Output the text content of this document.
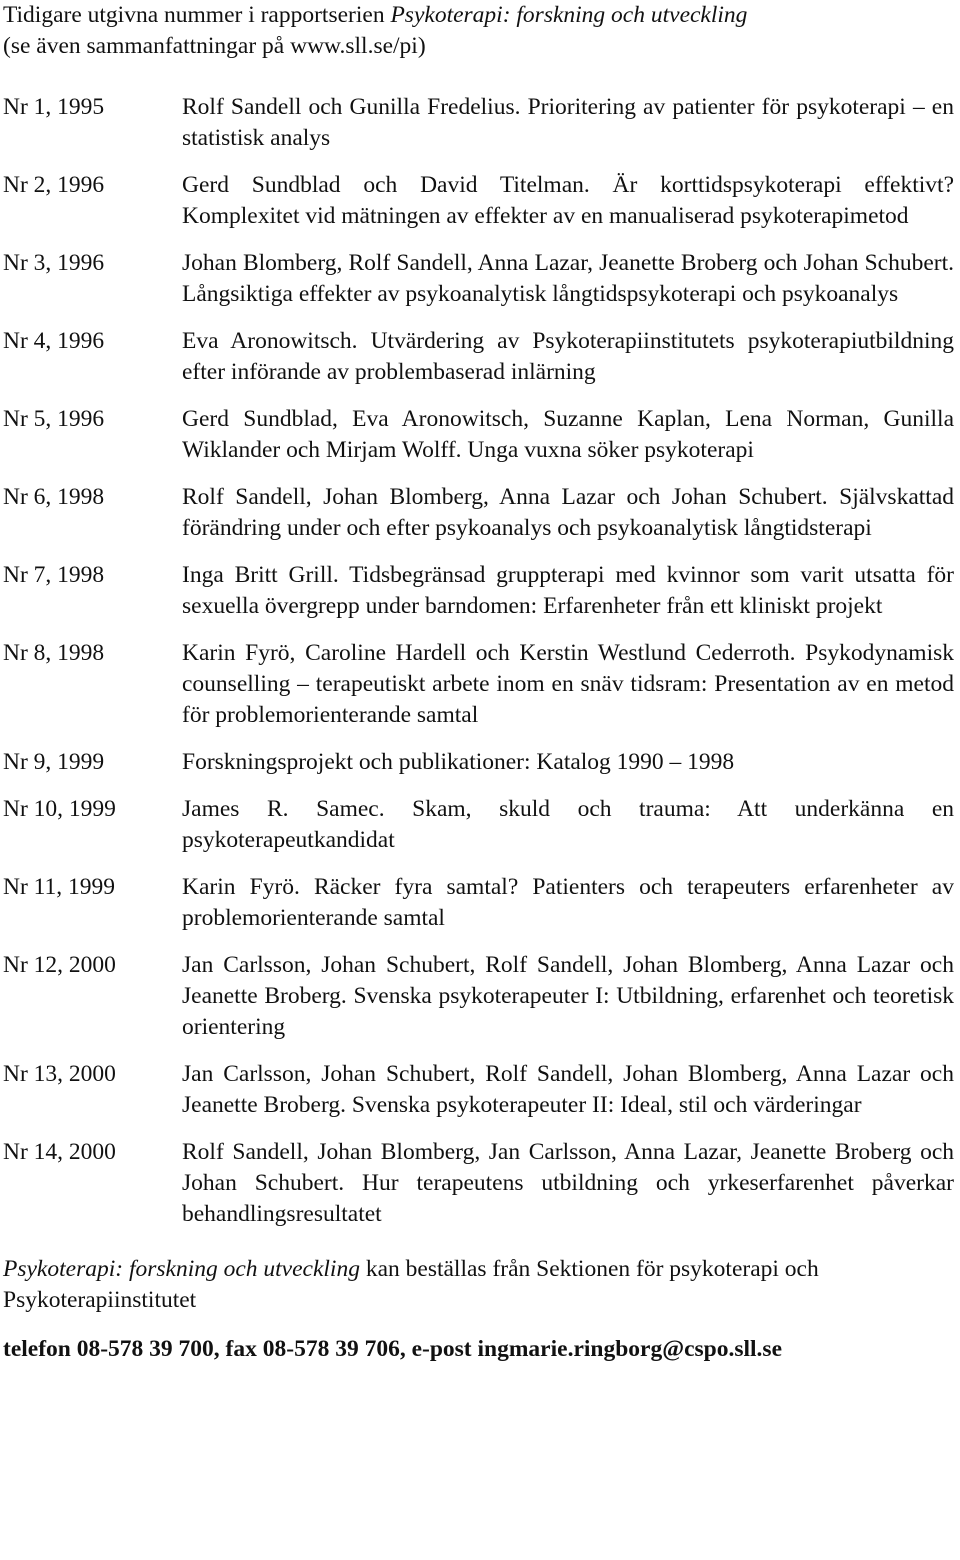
Tidigare utgivna nummer i rapportserien Psykoterapi: forskning och utveckling
(se även sammanfattningar på www.sll.se/pi)
Nr 1, 1995	Rolf Sandell och Gunilla Fredelius. Prioritering av patienter för psykoterapi – en statistisk analys
Nr 2, 1996	Gerd Sundblad och David Titelman. Är korttidspsykoterapi effektivt? Komplexitet vid mätningen av effekter av en manualiserad psykoterapimetod
Nr 3, 1996	Johan Blomberg, Rolf Sandell, Anna Lazar, Jeanette Broberg och Johan Schubert. Långsiktiga effekter av psykoanalytisk långtidspsykoterapi och psykoanalys
Nr 4, 1996	Eva Aronowitsch. Utvärdering av Psykoterapiinstitutets psykoterapiutbildning efter införande av problembaserad inlärning
Nr 5, 1996	Gerd Sundblad, Eva Aronowitsch, Suzanne Kaplan, Lena Norman, Gunilla Wiklander och Mirjam Wolff. Unga vuxna söker psykoterapi
Nr 6, 1998	Rolf Sandell, Johan Blomberg, Anna Lazar och Johan Schubert. Självskattad förändring under och efter psykoanalys och psykoanalytisk långtidsterapi
Nr 7, 1998	Inga Britt Grill. Tidsbegränsad gruppterapi med kvinnor som varit utsatta för sexuella övergrepp under barndomen: Erfarenheter från ett kliniskt projekt
Nr 8, 1998	Karin Fyrö, Caroline Hardell och Kerstin Westlund Cederroth. Psykodynamisk counselling – terapeutiskt arbete inom en snäv tidsram: Presentation av en metod för problemorienterande samtal
Nr 9, 1999	Forskningsprojekt och publikationer: Katalog 1990 – 1998
Nr 10, 1999	James R. Samec. Skam, skuld och trauma: Att underkänna en psykoterapeutkandidat
Nr 11, 1999	Karin Fyrö. Räcker fyra samtal? Patienters och terapeuters erfarenheter av problemorienterande samtal
Nr 12, 2000	Jan Carlsson, Johan Schubert, Rolf Sandell, Johan Blomberg, Anna Lazar och Jeanette Broberg. Svenska psykoterapeuter I: Utbildning, erfarenhet och teoretisk orientering
Nr 13, 2000	Jan Carlsson, Johan Schubert, Rolf Sandell, Johan Blomberg, Anna Lazar och Jeanette Broberg. Svenska psykoterapeuter II: Ideal, stil och värderingar
Nr 14, 2000	Rolf Sandell, Johan Blomberg, Jan Carlsson, Anna Lazar, Jeanette Broberg och Johan Schubert. Hur terapeutens utbildning och yrkeserfarenhet påverkar behandlingsresultatet
Psykoterapi: forskning och utveckling kan beställas från Sektionen för psykoterapi och Psykoterapiinstitutet
telefon 08-578 39 700, fax 08-578 39 706, e-post ingmarie.ringborg@cspo.sll.se
